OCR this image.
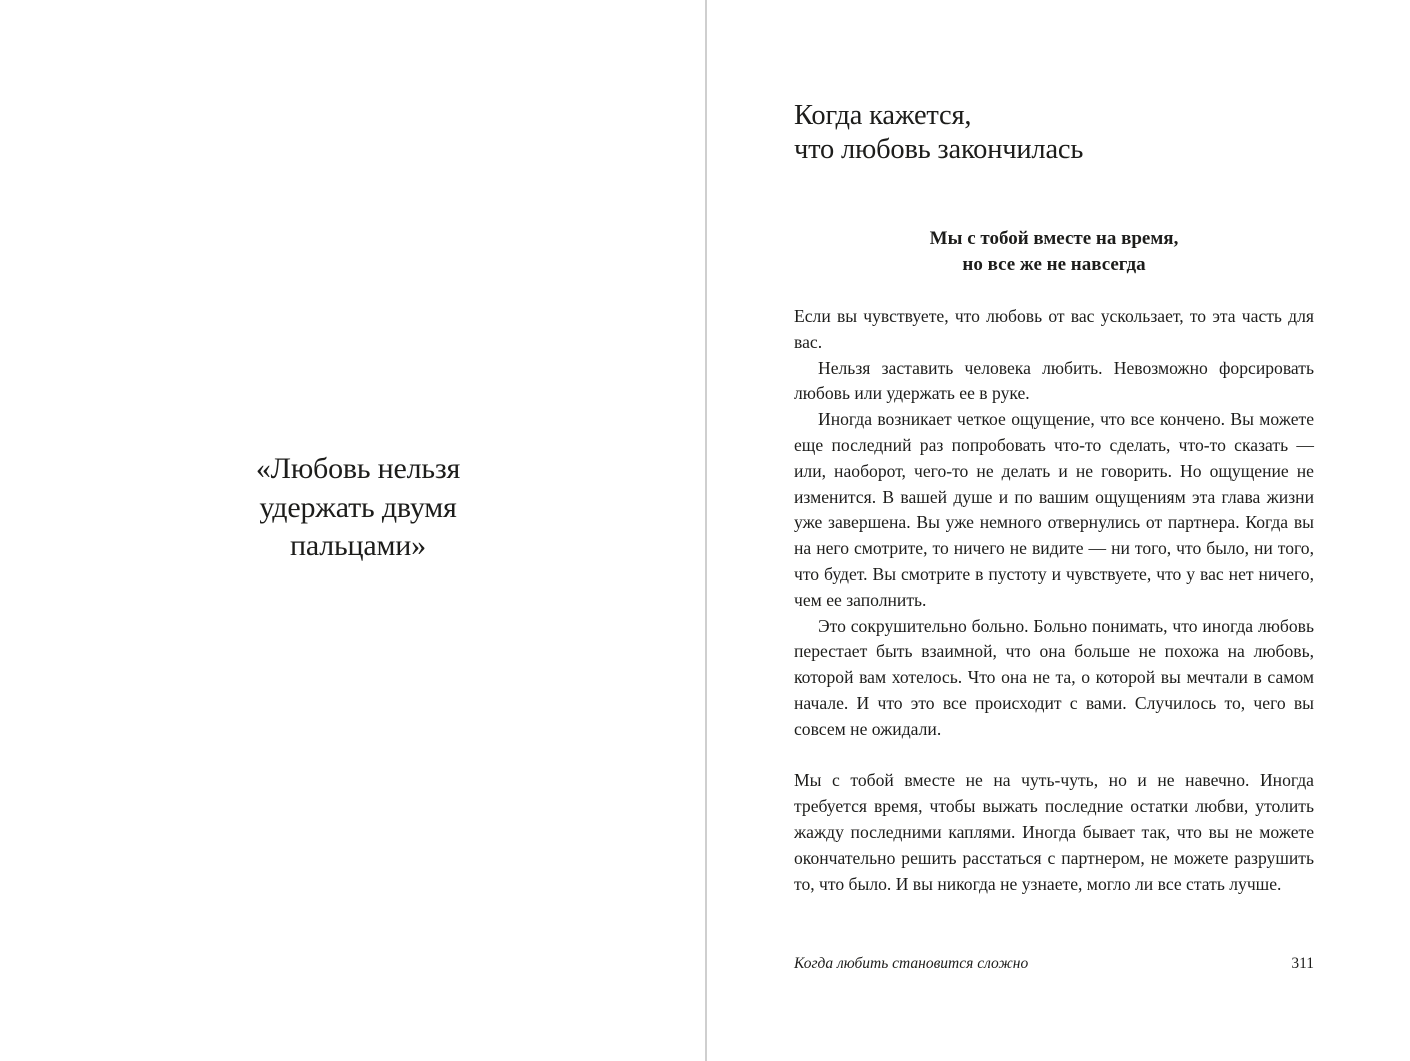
«Любовь нельзя
удержать двумя
пальцами»
Когда кажется,
что любовь закончилась
Мы с тобой вместе на время,
но все же не навсегда

Если вы чувствуете, что любовь от вас ускользает, то эта часть для вас.

Нельзя заставить человека любить. Невозможно форсировать любовь или удержать ее в руке.

Иногда возникает четкое ощущение, что все кончено. Вы можете еще последний раз попробовать что-то сделать, что-то сказать — или, наоборот, чего-то не делать и не говорить. Но ощущение не изменится. В вашей душе и по вашим ощущениям эта глава жизни уже завершена. Вы уже немного отвернулись от партнера. Когда вы на него смотрите, то ничего не видите — ни того, что было, ни того, что будет. Вы смотрите в пустоту и чувствуете, что у вас нет ничего, чем ее заполнить.

Это сокрушительно больно. Больно понимать, что иногда любовь перестает быть взаимной, что она больше не похожа на любовь, которой вам хотелось. Что она не та, о которой вы мечтали в самом начале. И что это все происходит с вами. Случилось то, чего вы совсем не ожидали.

Мы с тобой вместе не на чуть-чуть, но и не навечно. Иногда требуется время, чтобы выжать последние остатки любви, утолить жажду последними каплями. Иногда бывает так, что вы не можете окончательно решить расстаться с партнером, не можете разрушить то, что было. И вы никогда не узнаете, могло ли все стать лучше.

Когда любить становится сложно	311
